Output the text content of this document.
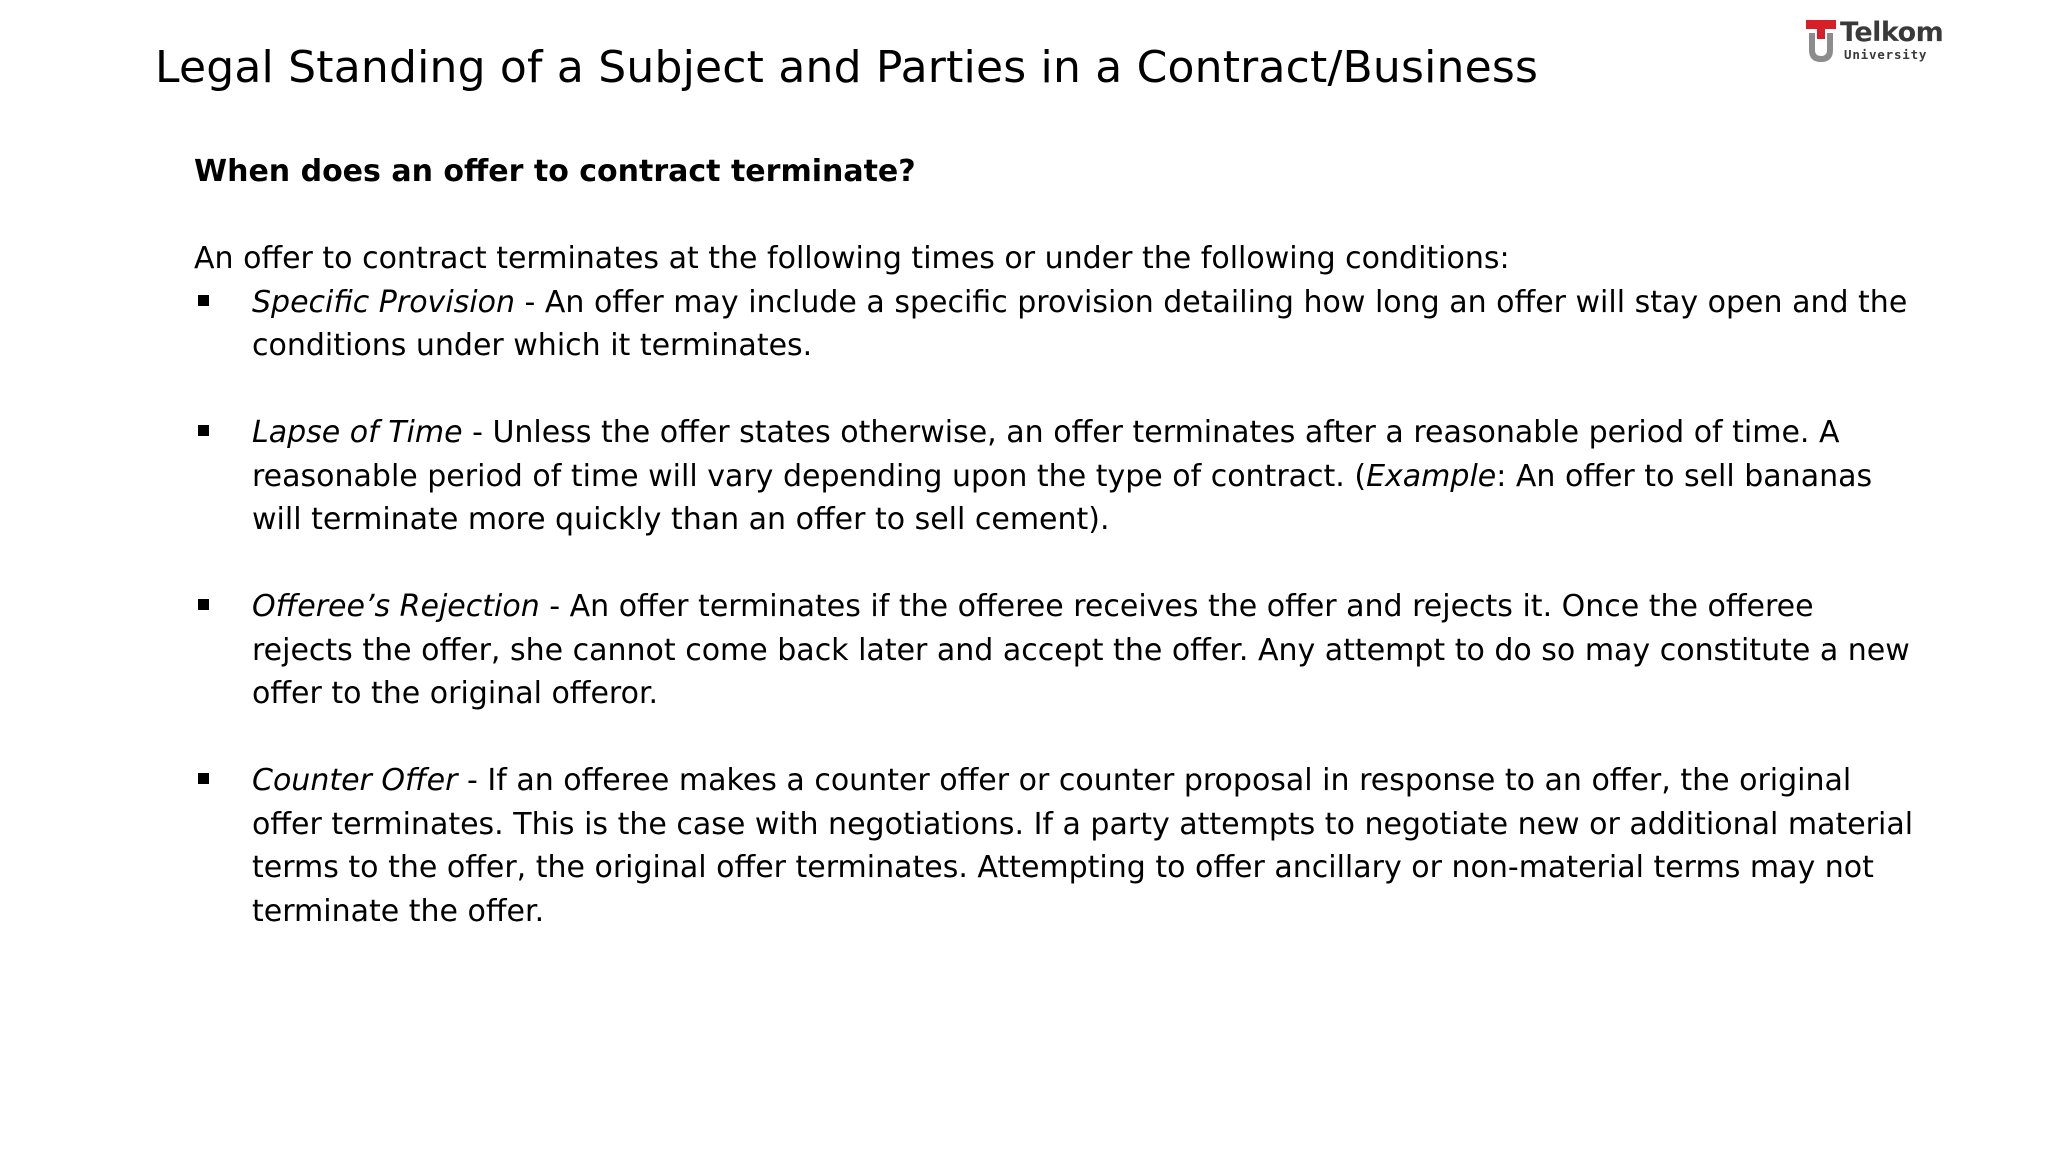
Legal Standing of a Subject and Parties in a Contract/Business
Telkom
University

When does an offer to contract terminate?

An offer to contract terminates at the following times or under the following conditions:

Specific Provision - An offer may include a specific provision detailing how long an offer will stay open and the conditions under which it terminates.
Lapse of Time - Unless the offer states otherwise, an offer terminates after a reasonable period of time. A reasonable period of time will vary depending upon the type of contract. (Example: An offer to sell bananas will terminate more quickly than an offer to sell cement).
Offeree’s Rejection - An offer terminates if the offeree receives the offer and rejects it. Once the offeree rejects the offer, she cannot come back later and accept the offer. Any attempt to do so may constitute a new offer to the original offeror.
Counter Offer - If an offeree makes a counter offer or counter proposal in response to an offer, the original offer terminates. This is the case with negotiations. If a party attempts to negotiate new or additional material terms to the offer, the original offer terminates. Attempting to offer ancillary or non-material terms may not terminate the offer.
